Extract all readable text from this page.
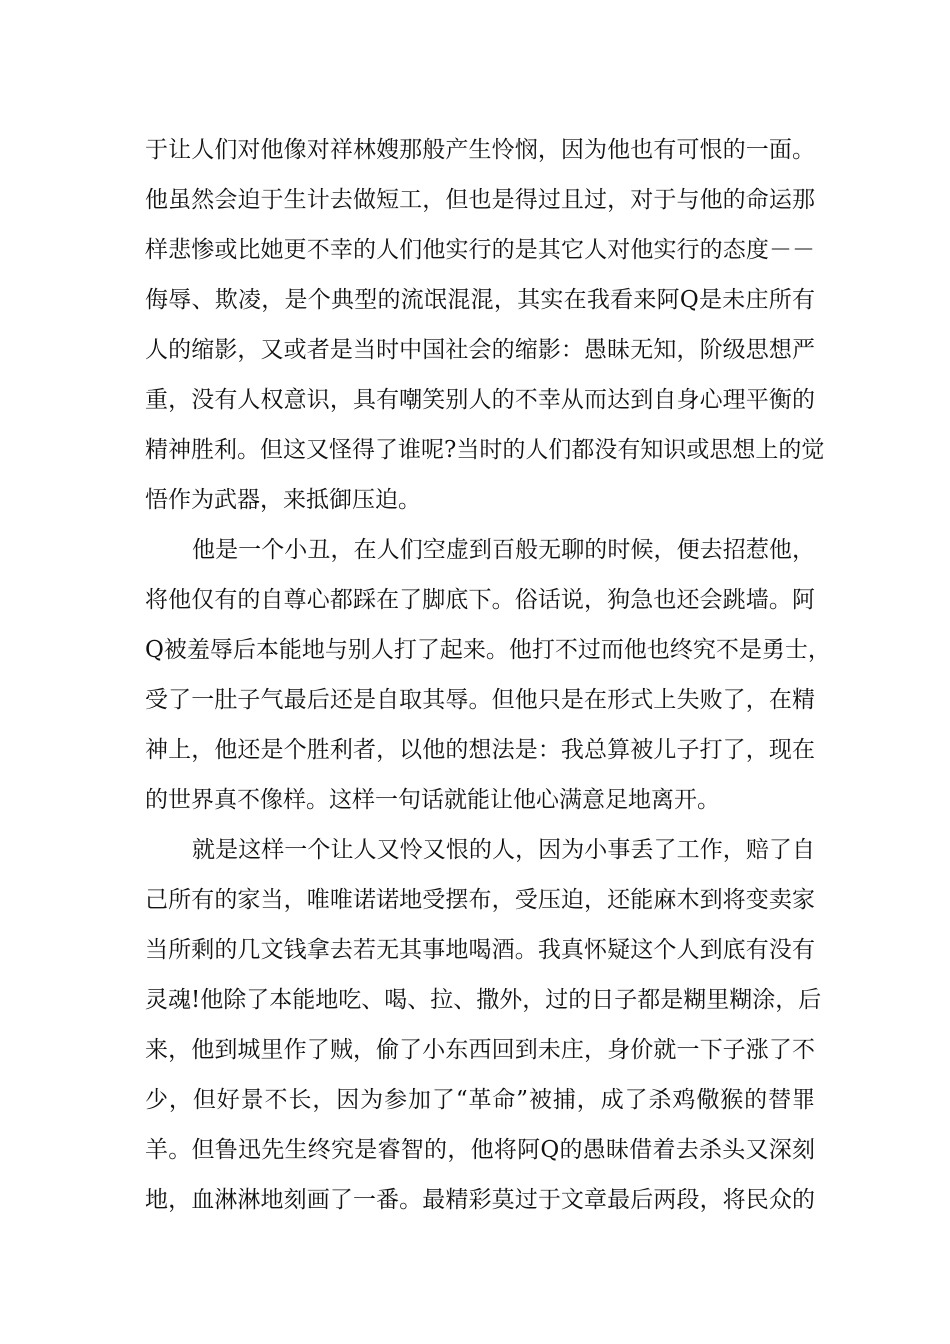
于让人们对他像对祥林嫂那般产生怜悯，因为他也有可恨的一面。
他虽然会迫于生计去做短工，但也是得过且过，对于与他的命运那
样悲惨或比她更不幸的人们他实行的是其它人对他实行的态度－－
侮辱、欺凌，是个典型的流氓混混，其实在我看来阿Q是未庄所有
人的缩影，又或者是当时中国社会的缩影：愚昧无知，阶级思想严
重，没有人权意识，具有嘲笑别人的不幸从而达到自身心理平衡的
精神胜利。但这又怪得了谁呢?当时的人们都没有知识或思想上的觉
悟作为武器，来抵御压迫。
他是一个小丑，在人们空虚到百般无聊的时候，便去招惹他，
将他仅有的自尊心都踩在了脚底下。俗话说，狗急也还会跳墙。阿
Q被羞辱后本能地与别人打了起来。他打不过而他也终究不是勇士，
受了一肚子气最后还是自取其辱。但他只是在形式上失败了，在精
神上，他还是个胜利者，以他的想法是：我总算被儿子打了，现在
的世界真不像样。这样一句话就能让他心满意足地离开。
就是这样一个让人又怜又恨的人，因为小事丢了工作，赔了自
己所有的家当，唯唯诺诺地受摆布，受压迫，还能麻木到将变卖家
当所剩的几文钱拿去若无其事地喝酒。我真怀疑这个人到底有没有
灵魂!他除了本能地吃、喝、拉、撒外，过的日子都是糊里糊涂，后
来，他到城里作了贼，偷了小东西回到未庄，身价就一下子涨了不
少，但好景不长，因为参加了“革命”被捕，成了杀鸡儆猴的替罪
羊。但鲁迅先生终究是睿智的，他将阿Q的愚昧借着去杀头又深刻
地，血淋淋地刻画了一番。最精彩莫过于文章最后两段，将民众的
